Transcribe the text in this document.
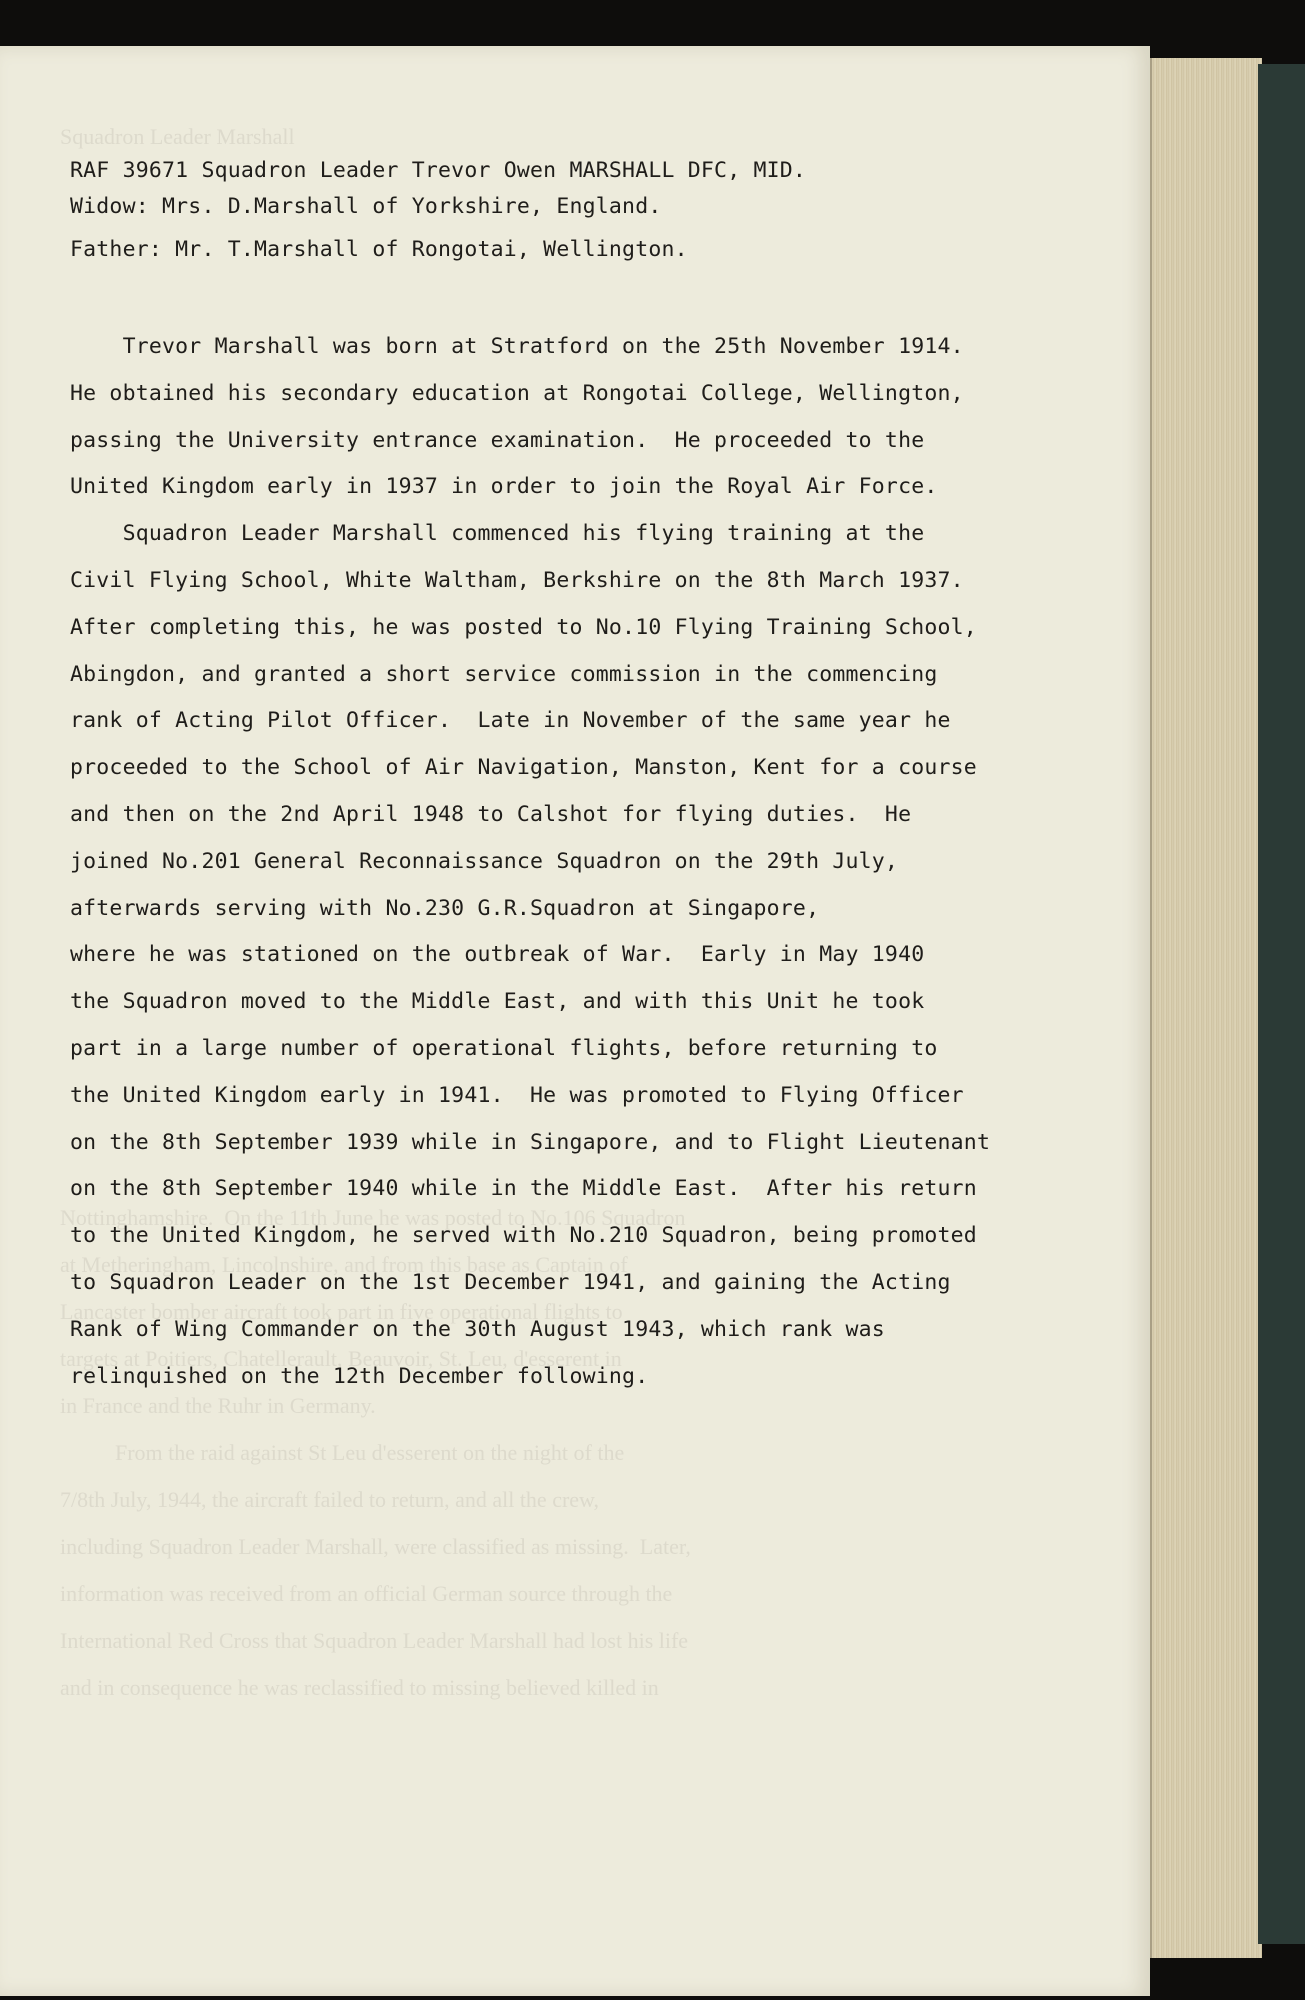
Squadron Leader Marshall
Nottinghamshire.  On the 11th June he was posted to No.106 Squadron
at Metheringham, Lincolnshire, and from this base as Captain of
Lancaster bomber aircraft took part in five operational flights to
targets at Poitiers, Chatellerault, Beauvoir, St. Leu, d'esserent in
in France and the Ruhr in Germany.
From the raid against St Leu d'esserent on the night of the
7/8th July, 1944, the aircraft failed to return, and all the crew,
including Squadron Leader Marshall, were classified as missing.  Later,
information was received from an official German source through the
International Red Cross that Squadron Leader Marshall had lost his life
and in consequence he was reclassified to missing believed killed in
RAF 39671 Squadron Leader Trevor Owen MARSHALL DFC, MID.
Widow: Mrs. D.Marshall of Yorkshire, England.
Father: Mr. T.Marshall of Rongotai, Wellington.
Trevor Marshall was born at Stratford on the 25th November 1914.
He obtained his secondary education at Rongotai College, Wellington,
passing the University entrance examination.  He proceeded to the
United Kingdom early in 1937 in order to join the Royal Air Force.
Squadron Leader Marshall commenced his flying training at the
Civil Flying School, White Waltham, Berkshire on the 8th March 1937.
After completing this, he was posted to No.10 Flying Training School,
Abingdon, and granted a short service commission in the commencing
rank of Acting Pilot Officer.  Late in November of the same year he
proceeded to the School of Air Navigation, Manston, Kent for a course
and then on the 2nd April 1948 to Calshot for flying duties.  He
joined No.201 General Reconnaissance Squadron on the 29th July,
afterwards serving with No.230 G.R.Squadron at Singapore,
where he was stationed on the outbreak of War.  Early in May 1940
the Squadron moved to the Middle East, and with this Unit he took
part in a large number of operational flights, before returning to
the United Kingdom early in 1941.  He was promoted to Flying Officer
on the 8th September 1939 while in Singapore, and to Flight Lieutenant
on the 8th September 1940 while in the Middle East.  After his return
to the United Kingdom, he served with No.210 Squadron, being promoted
to Squadron Leader on the 1st December 1941, and gaining the Acting
Rank of Wing Commander on the 30th August 1943, which rank was
relinquished on the 12th December following.
